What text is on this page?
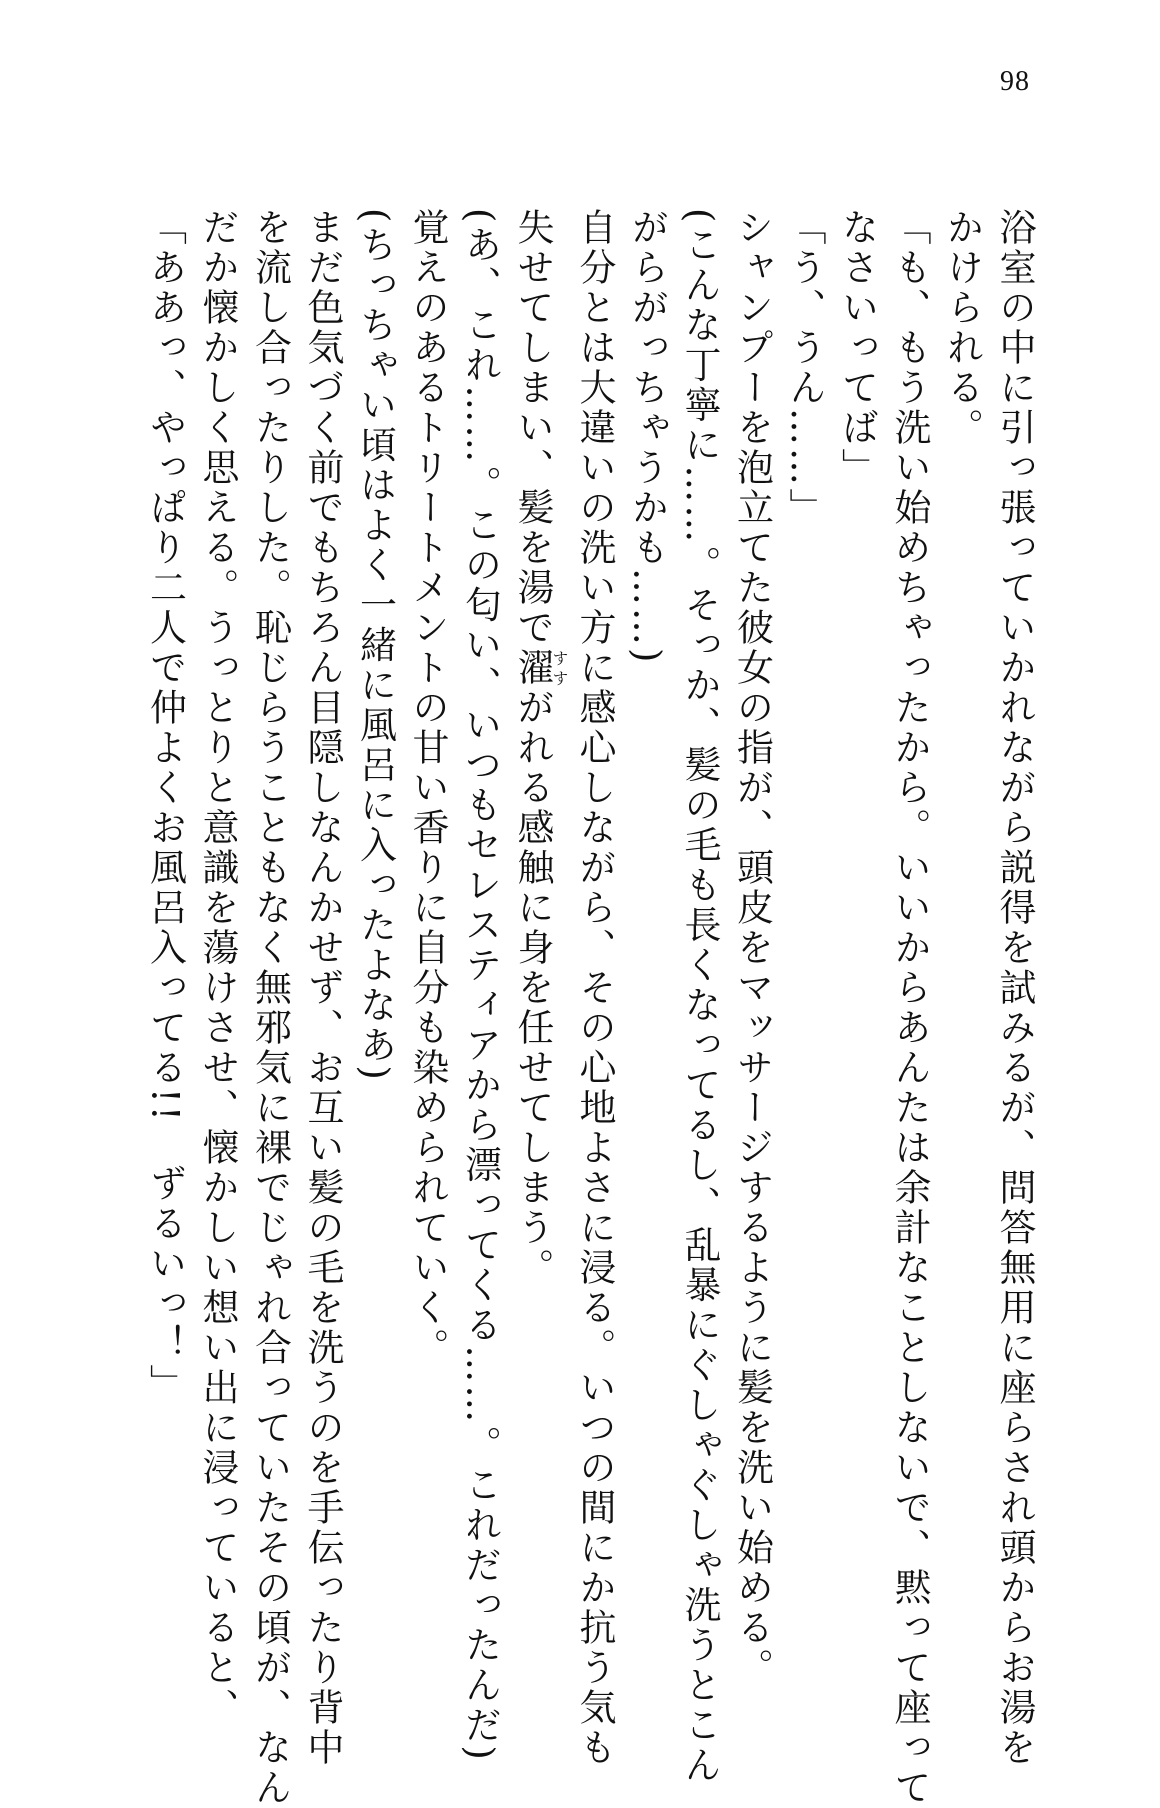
98
浴室の中に引っ張っていかれながら説得を試みるが、問答無用に座らされ頭からお湯を
かけられる。
「も、もう洗い始めちゃったから。いいからあんたは余計なことしないで、黙って座って
なさいってば」
「う、うん……」
シャンプーを泡立てた彼女の指が、頭皮をマッサージするように髪を洗い始める。
(こんな丁寧に……。そっか、髪の毛も長くなってるし、乱暴にぐしゃぐしゃ洗うとこん
がらがっちゃうかも……)
自分とは大違いの洗い方に感心しながら、その心地よさに浸る。いつの間にか抗う気も
失せてしまい、髪を湯で濯すすがれる感触に身を任せてしまう。
(あ、これ……。この匂い、いつもセレスティアから漂ってくる……。これだったんだ)
覚えのあるトリートメントの甘い香りに自分も染められていく。
(ちっちゃい頃はよく一緒に風呂に入ったよなあ)
まだ色気づく前でもちろん目隠しなんかせず、お互い髪の毛を洗うのを手伝ったり背中
を流し合ったりした。恥じらうこともなく無邪気に裸でじゃれ合っていたその頃が、なん
だか懐かしく思える。うっとりと意識を蕩けさせ、懐かしい想い出に浸っていると、
「ああっ、やっぱり二人で仲よくお風呂入ってる!!　ずるいっ！」
